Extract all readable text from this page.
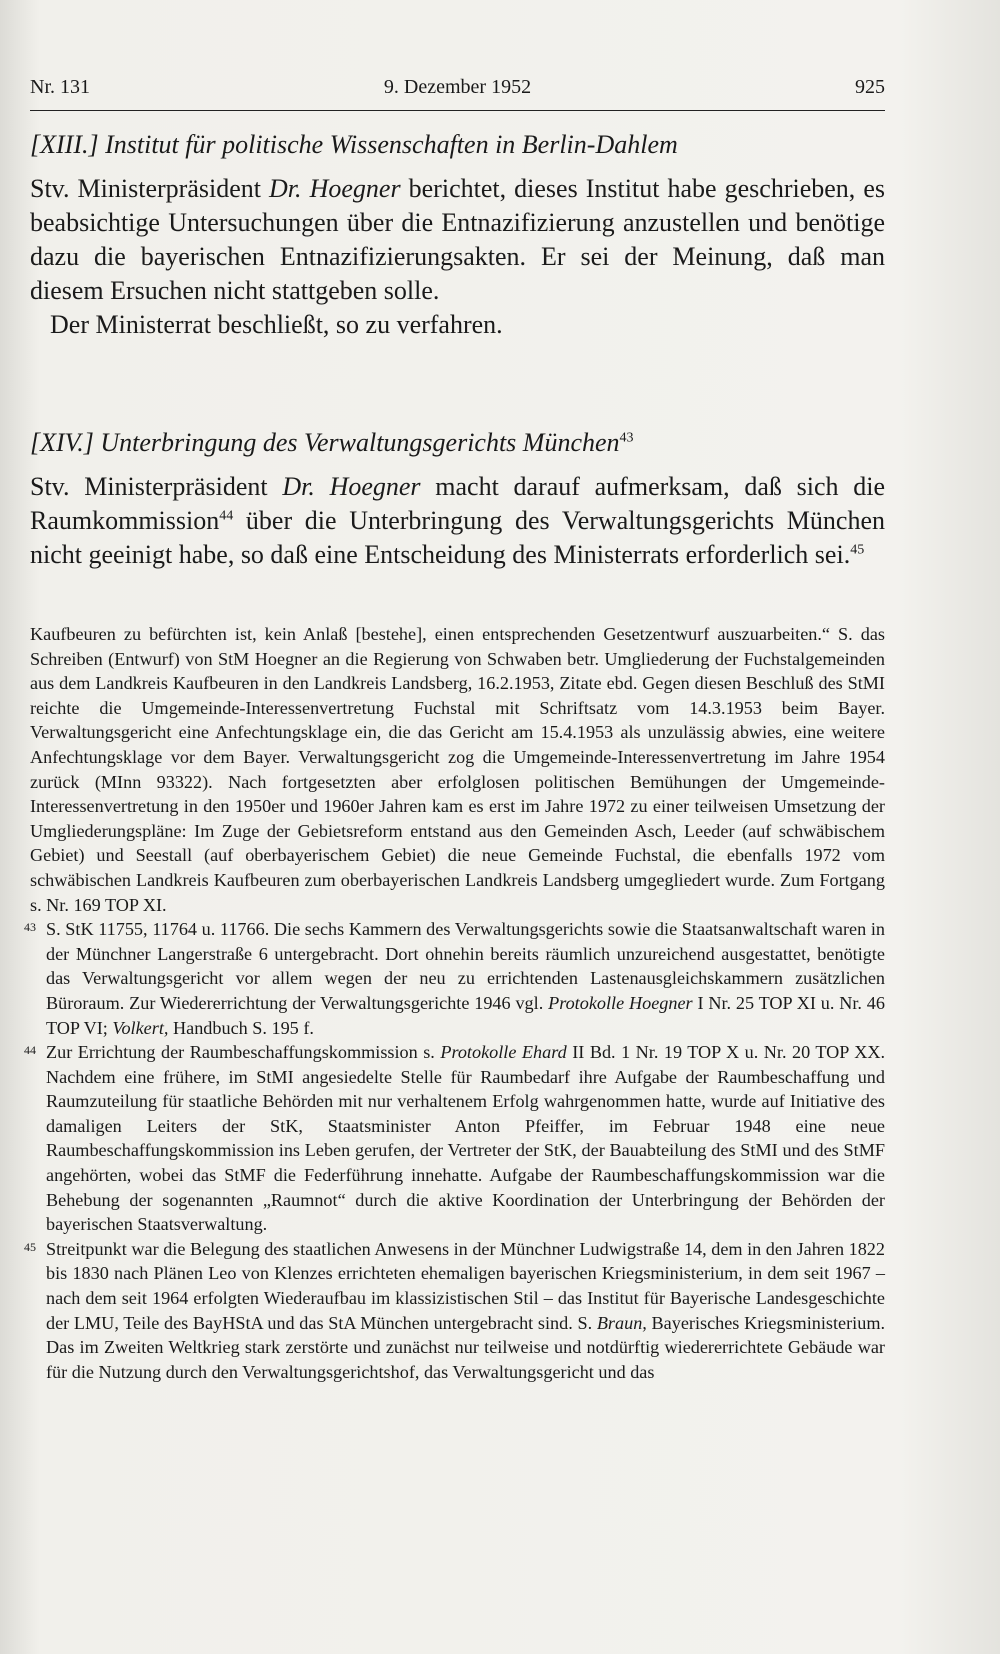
Nr. 131	9. Dezember 1952	925
[XIII.] Institut für politische Wissenschaften in Berlin-Dahlem

Stv. Ministerpräsident Dr. Hoegner berichtet, dieses Institut habe geschrieben, es beabsichtige Untersuchungen über die Entnazifizierung anzustellen und benötige dazu die bayerischen Entnazifizierungsakten. Er sei der Meinung, daß man diesem Ersuchen nicht stattgeben solle.

Der Ministerrat beschließt, so zu verfahren.

[XIV.] Unterbringung des Verwaltungsgerichts München$^{43}$

Stv. Ministerpräsident Dr. Hoegner macht darauf aufmerksam, daß sich die Raumkommission$^{44}$ über die Unterbringung des Verwaltungsgerichts München nicht geeinigt habe, so daß eine Entscheidung des Ministerrats erforderlich sei.$^{45}$

Kaufbeuren zu befürchten ist, kein Anlaß [bestehe], einen entsprechenden Gesetzentwurf auszuarbeiten.“ S. das Schreiben (Entwurf) von StM Hoegner an die Regierung von Schwaben betr. Umgliederung der Fuchstalgemeinden aus dem Landkreis Kaufbeuren in den Landkreis Landsberg, 16.2.1953, Zitate ebd. Gegen diesen Beschluß des StMI reichte die Umgemeinde-Interessenvertretung Fuchstal mit Schriftsatz vom 14.3.1953 beim Bayer. Verwaltungsgericht eine Anfechtungsklage ein, die das Gericht am 15.4.1953 als unzulässig abwies, eine weitere Anfechtungsklage vor dem Bayer. Verwaltungsgericht zog die Umgemeinde-Interessenvertretung im Jahre 1954 zurück (MInn 93322). Nach fortgesetzten aber erfolglosen politischen Bemühungen der Umgemeinde-Interessenvertretung in den 1950er und 1960er Jahren kam es erst im Jahre 1972 zu einer teilweisen Umsetzung der Umgliederungspläne: Im Zuge der Gebietsreform entstand aus den Gemeinden Asch, Leeder (auf schwäbischem Gebiet) und Seestall (auf oberbayerischem Gebiet) die neue Gemeinde Fuchstal, die ebenfalls 1972 vom schwäbischen Landkreis Kaufbeuren zum oberbayerischen Landkreis Landsberg umgegliedert wurde. Zum Fortgang s. Nr. 169 TOP XI.

43 S. StK 11755, 11764 u. 11766. Die sechs Kammern des Verwaltungsgerichts sowie die Staatsanwaltschaft waren in der Münchner Langerstraße 6 untergebracht. Dort ohnehin bereits räumlich unzureichend ausgestattet, benötigte das Verwaltungsgericht vor allem wegen der neu zu errichtenden Lastenausgleichskammern zusätzlichen Büroraum. Zur Wiedererrichtung der Verwaltungsgerichte 1946 vgl. Protokolle Hoegner I Nr. 25 TOP XI u. Nr. 46 TOP VI; Volkert, Handbuch S. 195 f.

44 Zur Errichtung der Raumbeschaffungskommission s. Protokolle Ehard II Bd. 1 Nr. 19 TOP X u. Nr. 20 TOP XX. Nachdem eine frühere, im StMI angesiedelte Stelle für Raumbedarf ihre Aufgabe der Raumbeschaffung und Raumzuteilung für staatliche Behörden mit nur verhaltenem Erfolg wahrgenommen hatte, wurde auf Initiative des damaligen Leiters der StK, Staatsminister Anton Pfeiffer, im Februar 1948 eine neue Raumbeschaffungskommission ins Leben gerufen, der Vertreter der StK, der Bauabteilung des StMI und des StMF angehörten, wobei das StMF die Federführung innehatte. Aufgabe der Raumbeschaffungskommission war die Behebung der sogenannten „Raumnot“ durch die aktive Koordination der Unterbringung der Behörden der bayerischen Staatsverwaltung.

45 Streitpunkt war die Belegung des staatlichen Anwesens in der Münchner Ludwigstraße 14, dem in den Jahren 1822 bis 1830 nach Plänen Leo von Klenzes errichteten ehemaligen bayerischen Kriegsministerium, in dem seit 1967 – nach dem seit 1964 erfolgten Wiederaufbau im klassizistischen Stil – das Institut für Bayerische Landesgeschichte der LMU, Teile des BayHStA und das StA München untergebracht sind. S. Braun, Bayerisches Kriegsministerium. Das im Zweiten Weltkrieg stark zerstörte und zunächst nur teilweise und notdürftig wiedererrichtete Gebäude war für die Nutzung durch den Verwaltungsgerichtshof, das Verwaltungsgericht und das
